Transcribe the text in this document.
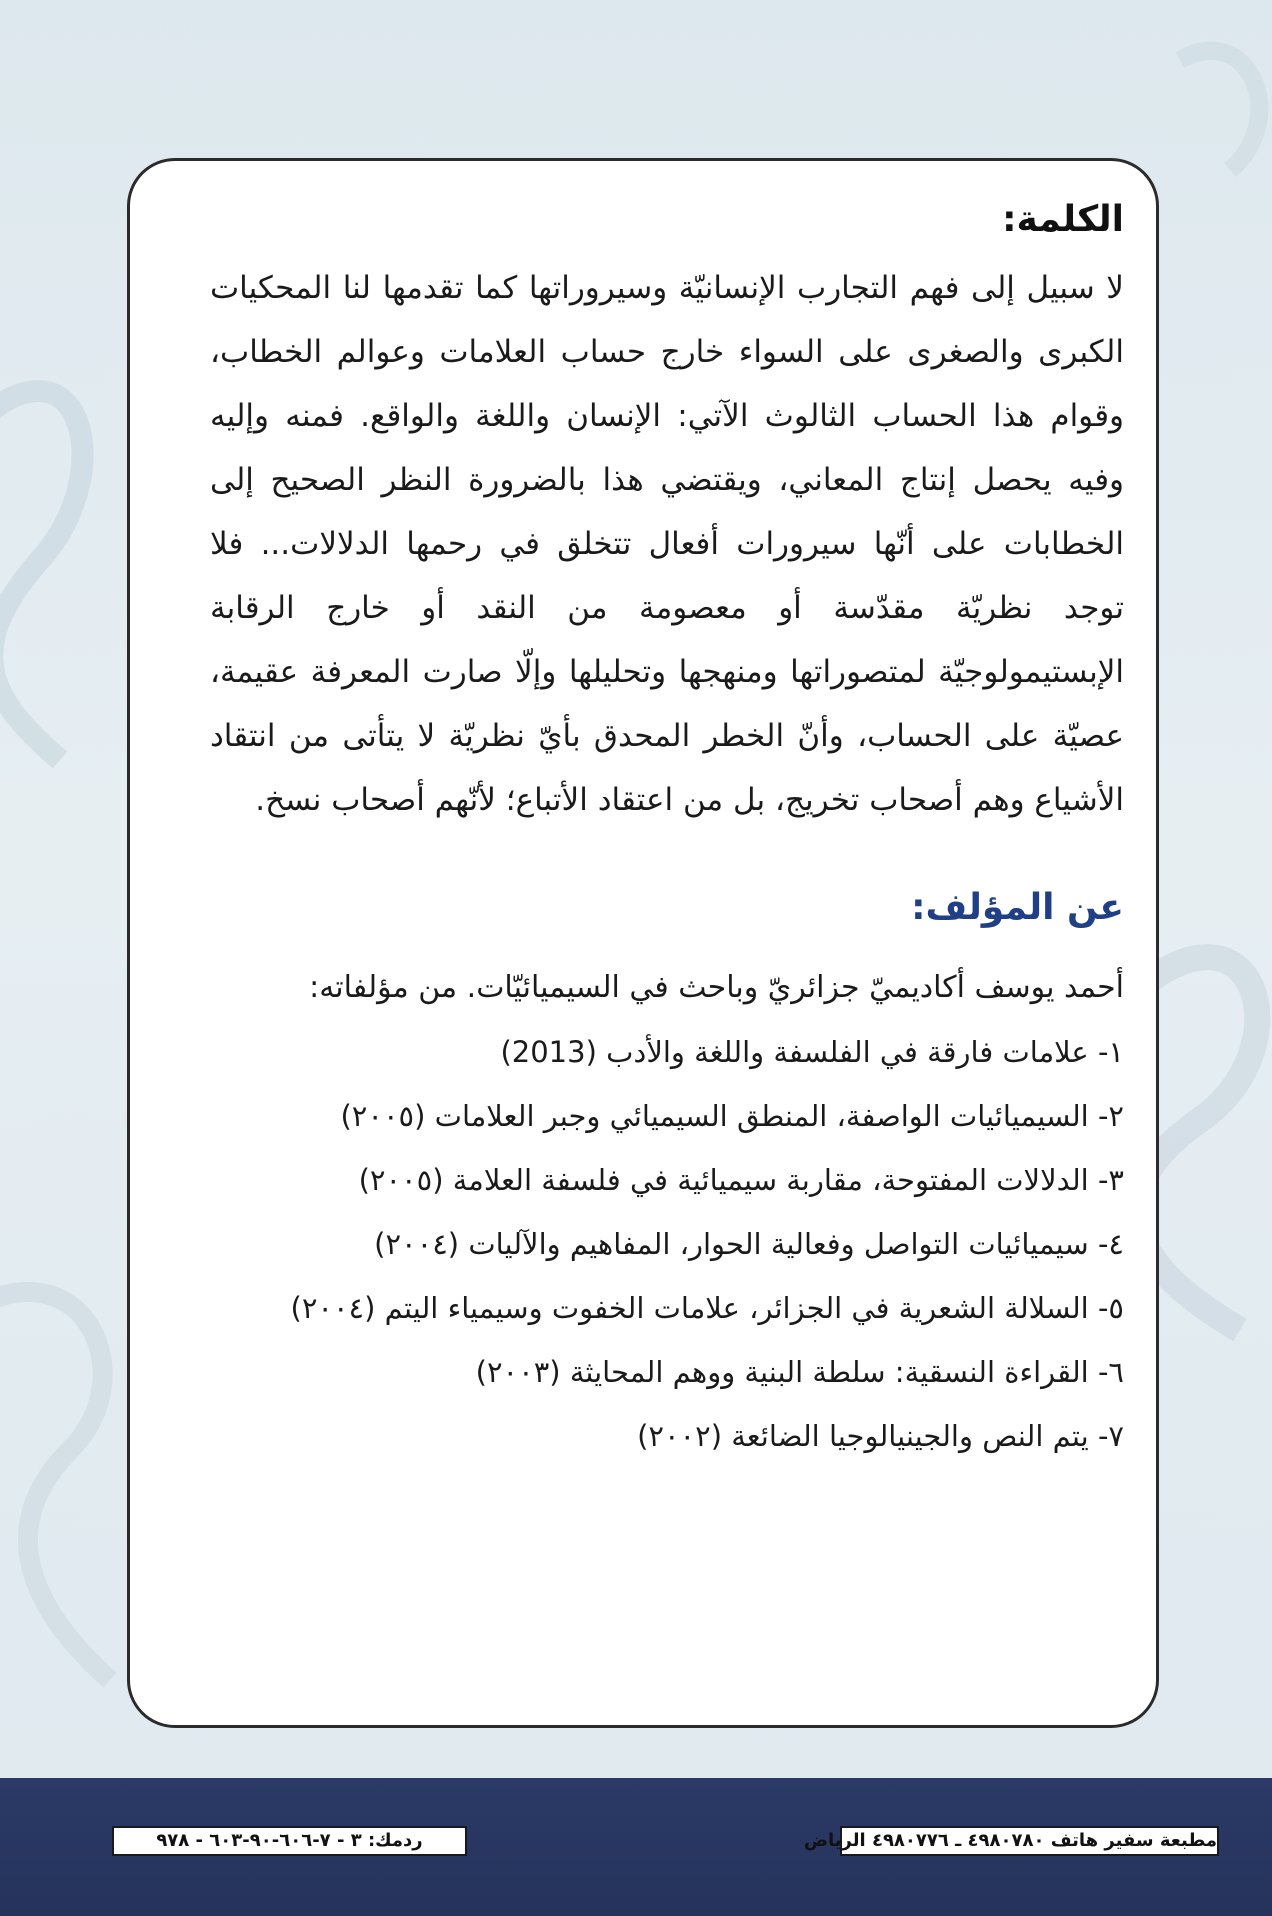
الكلمة:

لا سبيل إلى فهم التجارب الإنسانيّة وسيروراتها كما تقدمها لنا المحكيات الكبرى والصغرى على السواء خارج حساب العلامات وعوالم الخطاب، وقوام هذا الحساب الثالوث الآتي: الإنسان واللغة والواقع. فمنه وإليه وفيه يحصل إنتاج المعاني، ويقتضي هذا بالضرورة النظر الصحيح إلى الخطابات على أنّها سيرورات أفعال تتخلق في رحمها الدلالات... فلا توجد نظريّة مقدّسة أو معصومة من النقد أو خارج الرقابة الإبستيمولوجيّة لمتصوراتها ومنهجها وتحليلها وإلّا صارت المعرفة عقيمة، عصيّة على الحساب، وأنّ الخطر المحدق بأيّ نظريّة لا يتأتى من انتقاد الأشياع وهم أصحاب تخريج، بل من اعتقاد الأتباع؛ لأنّهم أصحاب نسخ.

عن المؤلف:

أحمد يوسف أكاديميّ جزائريّ وباحث في السيميائيّات. من مؤلفاته:

١- علامات فارقة في الفلسفة واللغة والأدب (2013)
٢- السيميائيات الواصفة، المنطق السيميائي وجبر العلامات (٢٠٠٥)
٣- الدلالات المفتوحة، مقاربة سيميائية في فلسفة العلامة (٢٠٠٥)
٤- سيميائيات التواصل وفعالية الحوار، المفاهيم والآليات (٢٠٠٤)
٥- السلالة الشعرية في الجزائر، علامات الخفوت وسيمياء اليتم (٢٠٠٤)
٦- القراءة النسقية: سلطة البنية ووهم المحايثة (٢٠٠٣)
٧- يتم النص والجينيالوجيا الضائعة (٢٠٠٢)
ردمك: ٣ - ٧-٦٠٦-٩٠-٦٠٣ - ٩٧٨	مطبعة سفير هاتف ٤٩٨٠٧٨٠ ـ ٤٩٨٠٧٧٦ الرياض
